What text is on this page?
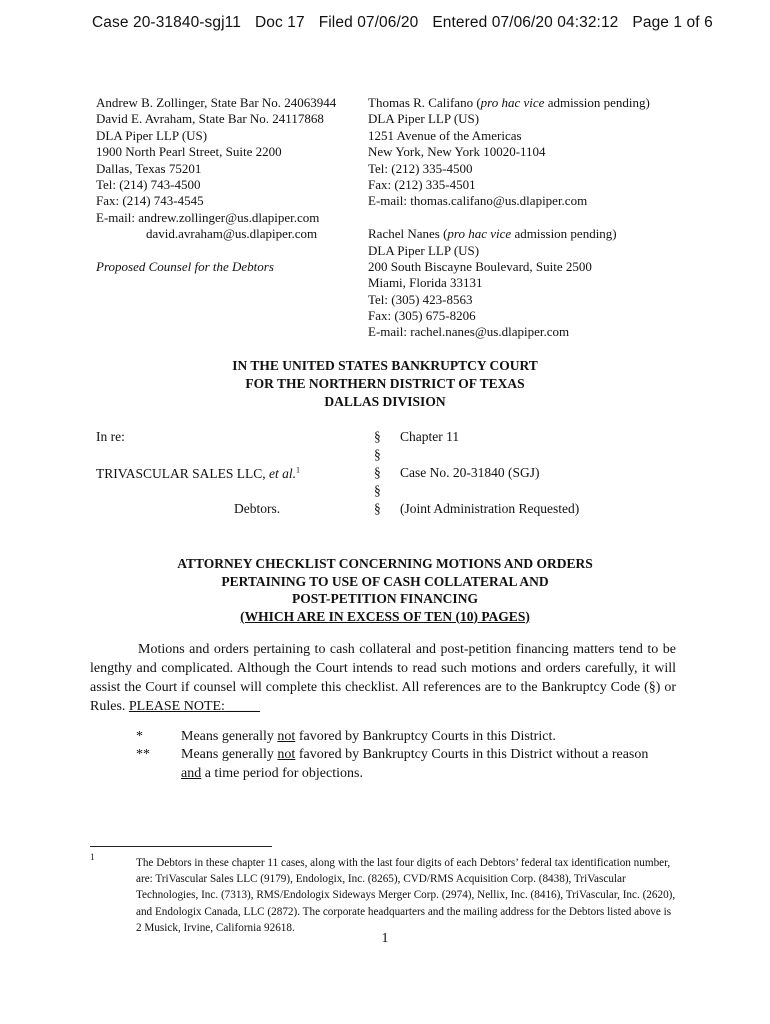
Case 20-31840-sgj11 Doc 17 Filed 07/06/20 Entered 07/06/20 04:32:12 Page 1 of 6
Andrew B. Zollinger, State Bar No. 24063944
David E. Avraham, State Bar No. 24117868
DLA Piper LLP (US)
1900 North Pearl Street, Suite 2200
Dallas, Texas 75201
Tel: (214) 743-4500
Fax: (214) 743-4545
E-mail: andrew.zollinger@us.dlapiper.com
david.avraham@us.dlapiper.com
Proposed Counsel for the Debtors
Thomas R. Califano (pro hac vice admission pending)
DLA Piper LLP (US)
1251 Avenue of the Americas
New York, New York 10020-1104
Tel: (212) 335-4500
Fax: (212) 335-4501
E-mail: thomas.califano@us.dlapiper.com
Rachel Nanes (pro hac vice admission pending)
DLA Piper LLP (US)
200 South Biscayne Boulevard, Suite 2500
Miami, Florida 33131
Tel: (305) 423-8563
Fax: (305) 675-8206
E-mail: rachel.nanes@us.dlapiper.com
IN THE UNITED STATES BANKRUPTCY COURT
FOR THE NORTHERN DISTRICT OF TEXAS
DALLAS DIVISION
In re:	§ Chapter 11
§
TRIVASCULAR SALES LLC, et al.$^1$	§ Case No. 20-31840 (SGJ)
§
Debtors.	§ (Joint Administration Requested)
ATTORNEY CHECKLIST CONCERNING MOTIONS AND ORDERS
PERTAINING TO USE OF CASH COLLATERAL AND
POST-PETITION FINANCING
(WHICH ARE IN EXCESS OF TEN (10) PAGES)
Motions and orders pertaining to cash collateral and post-petition financing matters tend to be lengthy and complicated. Although the Court intends to read such motions and orders carefully, it will assist the Court if counsel will complete this checklist. All references are to the Bankruptcy Code (§) or Rules. PLEASE NOTE:_____
*	Means generally not favored by Bankruptcy Courts in this District.
** Means generally not favored by Bankruptcy Courts in this District without a reason and a time period for objections.
1	The Debtors in these chapter 11 cases, along with the last four digits of each Debtors’ federal tax identification number, are: TriVascular Sales LLC (9179), Endologix, Inc. (8265), CVD/RMS Acquisition Corp. (8438), TriVascular Technologies, Inc. (7313), RMS/Endologix Sideways Merger Corp. (2974), Nellix, Inc. (8416), TriVascular, Inc. (2620), and Endologix Canada, LLC (2872). The corporate headquarters and the mailing address for the Debtors listed above is 2 Musick, Irvine, California 92618.
1
